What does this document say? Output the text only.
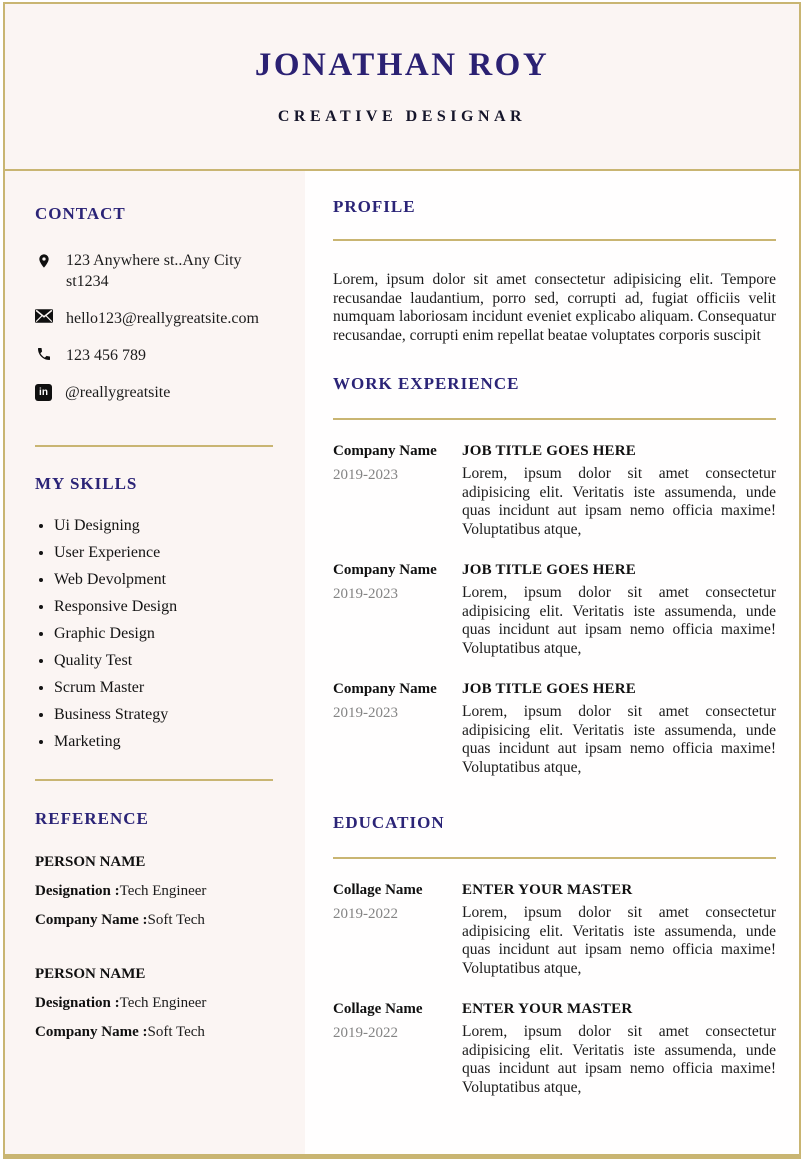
JONATHAN ROY
CREATIVE DESIGNAR
CONTACT
123 Anywhere st..Any City st1234
hello123@reallygreatsite.com
123 456 789
in @reallygreatsite
MY SKILLS
• Ui Designing
• User Experience
• Web Devolpment
• Responsive Design
• Graphic Design
• Quality Test
• Scrum Master
• Business Strategy
• Marketing
REFERENCE
PERSON NAME
Designation :Tech Engineer
Company Name :Soft Tech
PERSON NAME
Designation :Tech Engineer
Company Name :Soft Tech
PROFILE

Lorem, ipsum dolor sit amet consectetur adipisicing elit. Tempore recusandae laudantium, porro sed, corrupti ad, fugiat officiis velit numquam laboriosam incidunt eveniet explicabo aliquam. Consequatur recusandae, corrupti enim repellat beatae voluptates corporis suscipit

WORK EXPERIENCE
Company Name
2019-2023
JOB TITLE GOES HERE
Lorem, ipsum dolor sit amet consectetur adipisicing elit. Veritatis iste assumenda, unde quas incidunt aut ipsam nemo officia maxime! Voluptatibus atque,
Company Name
2019-2023
JOB TITLE GOES HERE
Lorem, ipsum dolor sit amet consectetur adipisicing elit. Veritatis iste assumenda, unde quas incidunt aut ipsam nemo officia maxime! Voluptatibus atque,
Company Name
2019-2023
JOB TITLE GOES HERE
Lorem, ipsum dolor sit amet consectetur adipisicing elit. Veritatis iste assumenda, unde quas incidunt aut ipsam nemo officia maxime! Voluptatibus atque,
EDUCATION
Collage Name
2019-2022
ENTER YOUR MASTER
Lorem, ipsum dolor sit amet consectetur adipisicing elit. Veritatis iste assumenda, unde quas incidunt aut ipsam nemo officia maxime! Voluptatibus atque,
Collage Name
2019-2022
ENTER YOUR MASTER
Lorem, ipsum dolor sit amet consectetur adipisicing elit. Veritatis iste assumenda, unde quas incidunt aut ipsam nemo officia maxime! Voluptatibus atque,
